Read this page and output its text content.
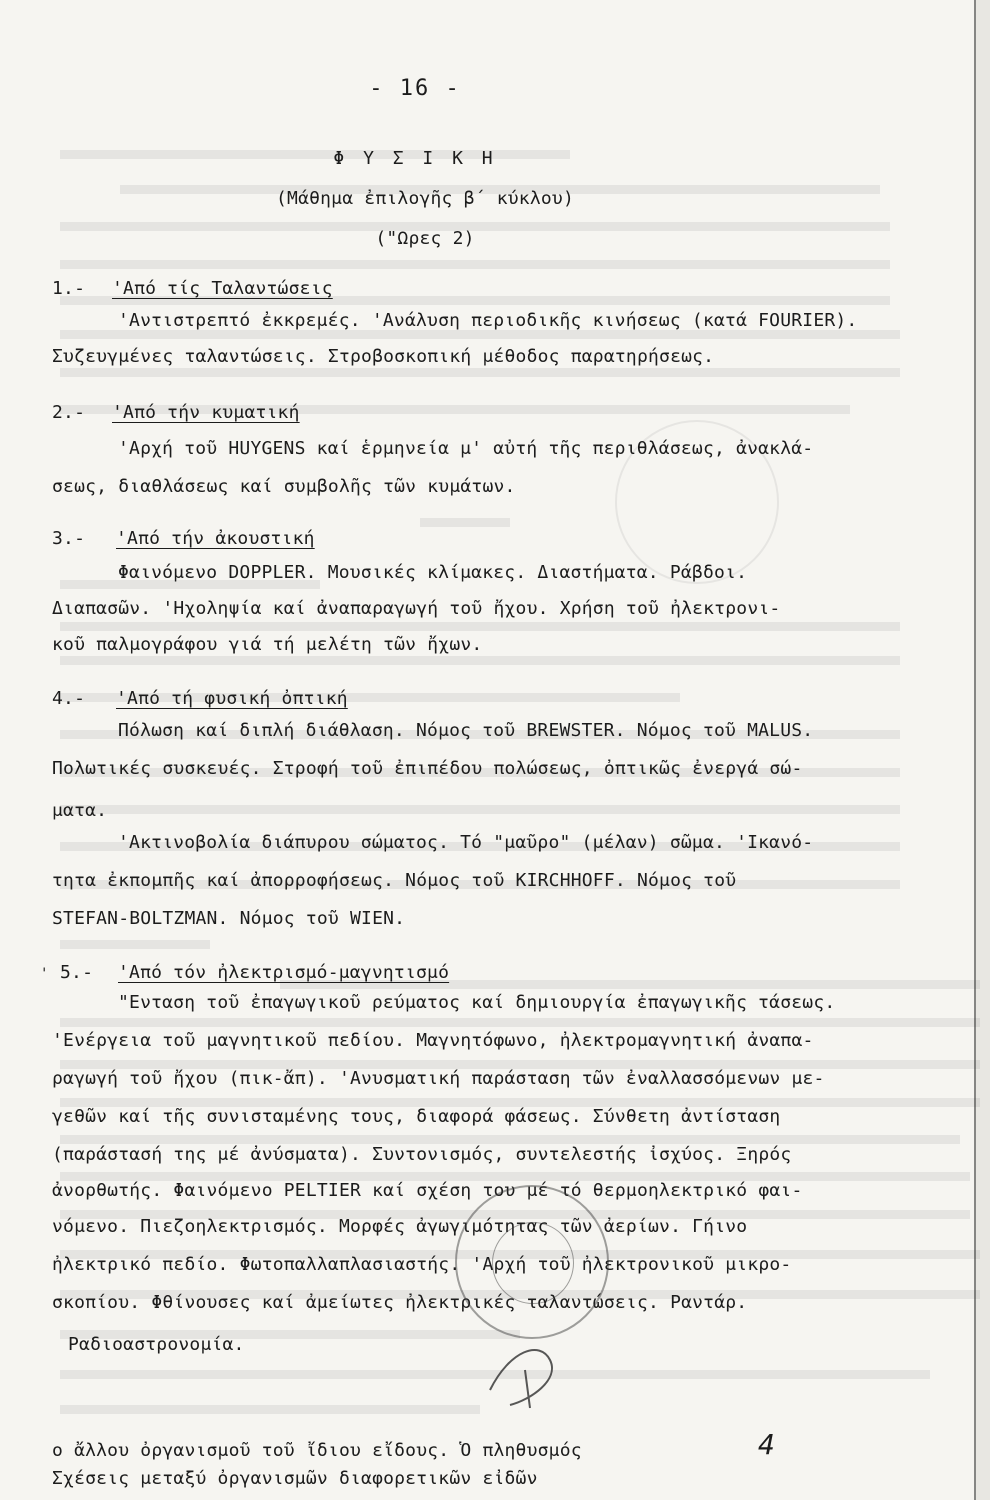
- 16 -
Φ Υ Σ Ι Κ Η
(Μάθημα ἐπιλογῆς β΄ κύκλου)
("Ωρες 2)
1.- 'Από τίς Ταλαντώσεις
'Αντιστρεπτό ἐκκρεμές. 'Ανάλυση περιοδικῆς κινήσεως (κατά FOURIER).
Συζευγμένες ταλαντώσεις. Στροβοσκοπική μέθοδος παρατηρήσεως.
2.- 'Από τήν κυματική
'Αρχή τοῦ HUYGENS καί ἑρμηνεία μ' αὐτή τῆς περιθλάσεως, ἀνακλά-
σεως, διαθλάσεως καί συμβολῆς τῶν κυμάτων.
3.- 'Από τήν ἀκουστική
Φαινόμενο DOPPLER. Μουσικές κλίμακες. Διαστήματα. Ράβδοι.
Διαπασῶν. 'Ηχοληψία καί ἀναπαραγωγή τοῦ ἤχου. Χρήση τοῦ ἠλεκτρονι-
κοῦ παλμογράφου γιά τή μελέτη τῶν ἤχων.
4.- 'Από τή φυσική ὀπτική
Πόλωση καί διπλή διάθλαση. Νόμος τοῦ BREWSTER. Νόμος τοῦ MALUS.
Πολωτικές συσκευές. Στροφή τοῦ ἐπιπέδου πολώσεως, ὀπτικῶς ἐνεργά σώ-
ματα.
'Ακτινοβολία διάπυρου σώματος. Τό "μαῦρο" (μέλαν) σῶμα. 'Ικανό-
τητα ἐκπομπῆς καί ἀπορροφήσεως. Νόμος τοῦ KIRCHHOFF. Νόμος τοῦ
STEFAN-BOLTZMAN. Νόμος τοῦ WIEN.
' 5.- 'Από τόν ἠλεκτρισμό-μαγνητισμό
"Ενταση τοῦ ἐπαγωγικοῦ ρεύματος καί δημιουργία ἐπαγωγικῆς τάσεως.
'Ενέργεια τοῦ μαγνητικοῦ πεδίου. Μαγνητόφωνο, ἠλεκτρομαγνητική ἀναπα-
ραγωγή τοῦ ἤχου (πικ-ἄπ). 'Ανυσματική παράσταση τῶν ἐναλλασσόμενων με-
γεθῶν καί τῆς συνισταμένης τους, διαφορά φάσεως. Σύνθετη ἀντίσταση
(παράστασή της μέ ἀνύσματα). Συντονισμός, συντελεστής ἰσχύος. Ξηρός
ἀνορθωτής. Φαινόμενο PELTIER καί σχέση του μέ τό θερμοηλεκτρικό φαι-
νόμενο. Πιεζοηλεκτρισμός. Μορφές ἀγωγιμότητας τῶν ἀερίων. Γήινο
ἠλεκτρικό πεδίο. Φωτοπαλλαπλασιαστής. 'Αρχή τοῦ ἠλεκτρονικοῦ μικρο-
σκοπίου. Φθίνουσες καί ἀμείωτες ἠλεκτρικές ταλαντώσεις. Ραντάρ.
Ραδιοαστρονομία.
ο ἄλλου ὀργανισμοῦ τοῦ ἴδιου εἴδους. Ὁ πληθυσμός
Σχέσεις μεταξύ ὀργανισμῶν διαφορετικῶν εἰδῶν
4
